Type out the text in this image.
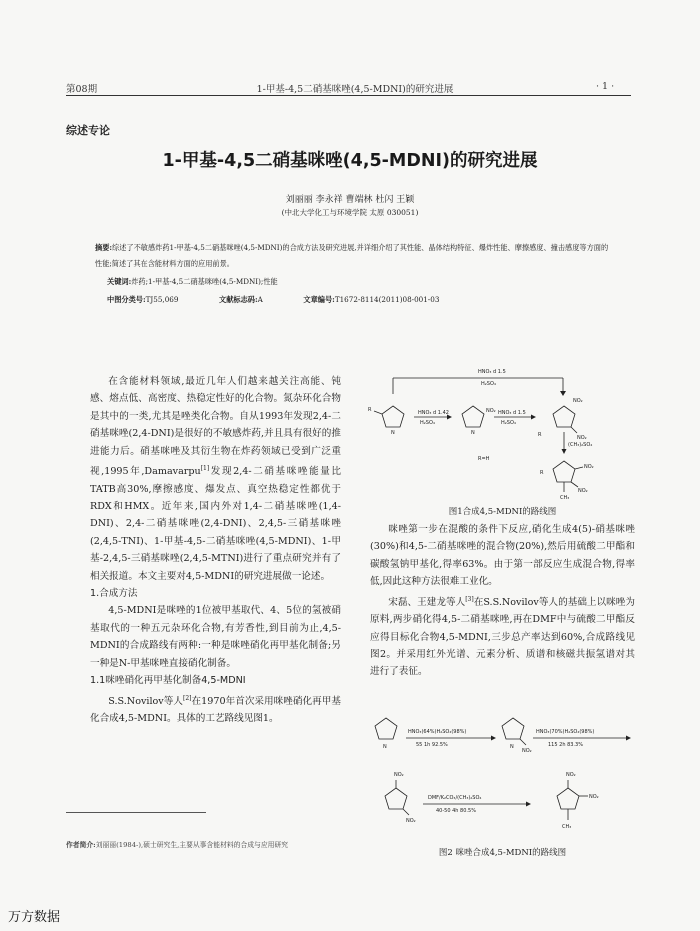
第08期	1-甲基-4,5二硝基咪唑(4,5-MDNI)的研究进展	· 1 ·
综述专论
1-甲基-4,5二硝基咪唑(4,5-MDNI)的研究进展
刘丽丽 李永祥 曹端林 杜闪 王颖
(中北大学化工与环境学院 太原 030051)
摘要:综述了不敏感炸药1-甲基-4,5二硝基咪唑(4,5-MDNI)的合成方法及研究进展,并详细介绍了其性能、晶体结构特征、爆炸性能、摩擦感度、撞击感度等方面的性能;简述了其在含能材料方面的应用前景。
关键词:炸药;1-甲基-4,5二硝基咪唑(4,5-MDNI);性能
中图分类号:TJ55,069	文献标志码:A	文章编号:T1672-8114(2011)08-001-03
在含能材料领域,最近几年人们越来越关注高能、钝感、熔点低、高密度、热稳定性好的化合物。氮杂环化合物是其中的一类,尤其是唑类化合物。自从1993年发现2,4-二硝基咪唑(2,4-DNI)是很好的不敏感炸药,并且具有很好的推进能力后。硝基咪唑及其衍生物在炸药领域已受到广泛重视,1995年,Damavarpu[1]发现2,4-二硝基咪唑能量比TATB高30%,摩擦感度、爆发点、真空热稳定性都优于RDX和HMX。近年来,国内外对1,4-二硝基咪唑(1,4-DNI)、2,4-二硝基咪唑(2,4-DNI)、2,4,5-三硝基咪唑(2,4,5-TNI)、1-甲基-4,5-二硝基咪唑(4,5-MDNI)、1-甲基-2,4,5-三硝基咪唑(2,4,5-MTNI)进行了重点研究并有了相关报道。本文主要对4,5-MDNI的研究进展做一论述。
1.合成方法
4,5-MDNI是咪唑的1位被甲基取代、4、5位的氢被硝基取代的一种五元杂环化合物,有芳香性,到目前为止,4,5-MDNI的合成路线有两种:一种是咪唑硝化再甲基化制备;另一种是N-甲基咪唑直接硝化制备。
1.1咪唑硝化再甲基化制备4,5-MDNI
S.S.Novilov等人[2]在1970年首次采用咪唑硝化再甲基化合成4,5-MDNI。具体的工艺路线见图1。
HNO₃ d 1.5
H₂SO₄
HNO₃ d 1.42
H₂SO₄
HNO₃ d 1.5
H₂SO₄
(CH₃)₂SO₄
R=H
R
R
R
NO₂
NO₂
NO₂
NO₂
NO₂
N	N
CH₃
图1合成4,5-MDNI的路线图
咪唑第一步在混酸的条件下反应,硝化生成4(5)-硝基咪唑(30%)和4,5-二硝基咪唑的混合物(20%),然后用硫酸二甲酯和碳酸氢钠甲基化,得率63%。由于第一部反应生成混合物,得率低,因此这种方法很难工业化。
宋磊、王建龙等人[3]在S.S.Novilov等人的基础上以咪唑为原料,两步硝化得4,5-二硝基咪唑,再在DMF中与硫酸二甲酯反应得目标化合物4,5-MDNI,三步总产率达到60%,合成路线见图2。并采用红外光谱、元素分析、质谱和核磁共振氢谱对其进行了表征。
HNO₃(64%)H₂SO₄(98%)
55 1h 92.5%
HNO₃(70%)H₂SO₄(98%)
115 2h 83.3%
DMF/K₂CO₃/(CH₃)₂SO₄
40-50 4h 80.5%
N	N
NO₂
NO₂
NO₂
NO₂
NO₂
CH₃
图2 咪唑合成4,5-MDNI的路线图
作者简介:刘丽丽(1984-),硕士研究生,主要从事含能材料的合成与应用研究
万方数据
